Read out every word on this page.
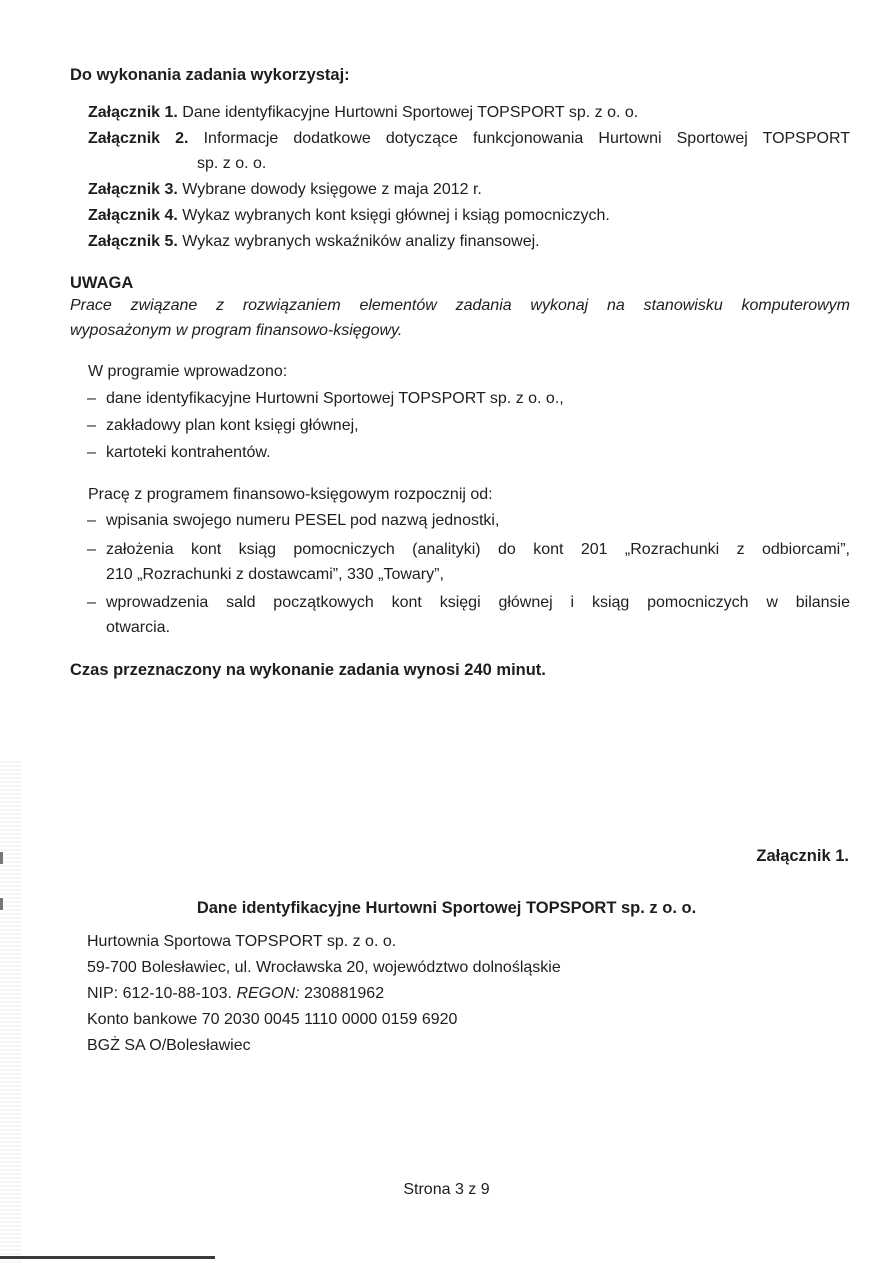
Do wykonania zadania wykorzystaj:
Załącznik 1. Dane identyfikacyjne Hurtowni Sportowej TOPSPORT sp. z o. o.
Załącznik 2. Informacje dodatkowe dotyczące funkcjonowania Hurtowni Sportowej TOPSPORT
sp. z o. o.
Załącznik 3. Wybrane dowody księgowe z maja 2012 r.
Załącznik 4. Wykaz wybranych kont księgi głównej i ksiąg pomocniczych.
Załącznik 5. Wykaz wybranych wskaźników analizy finansowej.
UWAGA
Prace związane z rozwiązaniem elementów zadania wykonaj na stanowisku komputerowym
wyposażonym w program finansowo-księgowy.
W programie wprowadzono:
– dane identyfikacyjne Hurtowni Sportowej TOPSPORT sp. z o. o.,
– zakładowy plan kont księgi głównej,
– kartoteki kontrahentów.
Pracę z programem finansowo-księgowym rozpocznij od:
– wpisania swojego numeru PESEL pod nazwą jednostki,
– założenia kont ksiąg pomocniczych (analityki) do kont 201 „Rozrachunki z odbiorcami”,
210 „Rozrachunki z dostawcami”, 330 „Towary”,
– wprowadzenia sald początkowych kont księgi głównej i ksiąg pomocniczych w bilansie
otwarcia.
Czas przeznaczony na wykonanie zadania wynosi 240 minut.
Załącznik 1.
Dane identyfikacyjne Hurtowni Sportowej TOPSPORT sp. z o. o.
Hurtownia Sportowa TOPSPORT sp. z o. o.
59-700 Bolesławiec, ul. Wrocławska 20, województwo dolnośląskie
NIP: 612-10-88-103. REGON: 230881962
Konto bankowe 70 2030 0045 1110 0000 0159 6920
BGŻ SA O/Bolesławiec
Strona 3 z 9
